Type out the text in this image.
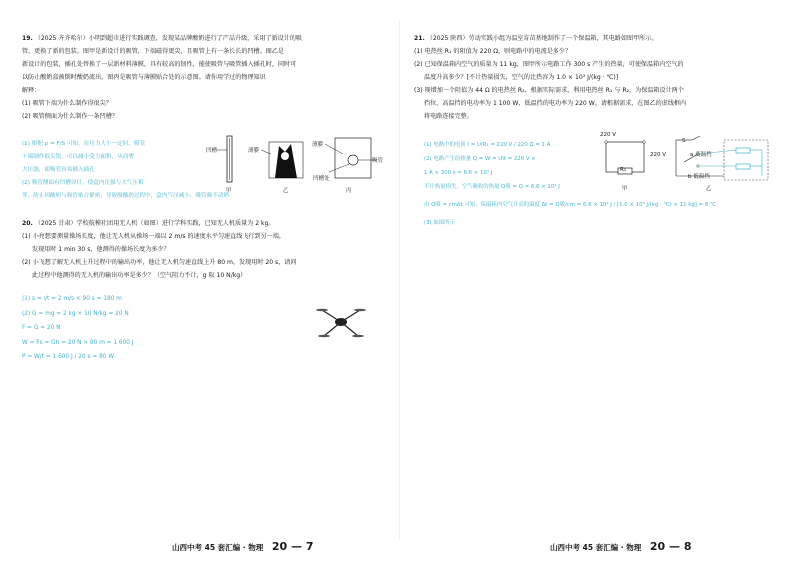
19. （2025 齐齐哈尔）小明到超市进行实践调查，发现某品牌酸奶进行了产品升级，采用了新设计的吸

管，更换了新的包装。图甲是新设计的吸管，下端磁得更尖，且吸管上有一条长长的凹槽。图乙是

新设计的包装，插孔处替换了一层新材料薄膜，具有较高的韧性，能使吸管与吸管插入插孔时，同时可

以防止酸奶盒被倒时酸奶流出。图丙是吸管与薄膜贴合处的示意图。请你用学过的物理知识

解释：

(1) 吸管下端为什么制作得很尖？

(2) 吸管侧面为什么制作一条凹槽？

(1) 根据 p = F/S 可知，在压力大小一定时，吸管

下端制作很尖锐，可以减小受力面积，从而增

大压强，使吸管容易插入插孔

(2) 吸管侧面有凹槽设计，使盒内压强与大气压相

等，防止因酸奶与吸管贴合紧密，导致吸酸奶过程中，盒内气压减小，吸管吸不动奶

凹槽
甲
薄膜
乙
薄膜
吸管
凹槽处
丙

20. （2025 甘肃）学校航模社团用无人机（如图）进行学科实践，已知无人机质量为 2 kg。

(1) 小亮想要测量操场长度，他让无人机从操场一端以 2 m/s 的速度水平匀速直线飞行到另一端，

发现用时 1 min 30 s，他测得的操场长度为多少？

(2) 小飞想了解无人机上升过程中的输出功率，他让无人机匀速直线上升 80 m，发现用时 20 s，请问

此过程中他测得的无人机的输出功率是多少？（空气阻力不计，g 取 10 N/kg）

(1) s = vt = 2 m/s × 90 s = 180 m

(2) G = mg = 2 kg × 10 N/kg = 20 N

F = G = 20 N

W = Fs = Gh = 20 N × 80 m = 1 600 J

P = W/t = 1 600 J / 20 s = 80 W

山西中考 45 套汇编 · 物理 20 — 7

21. （2025 陕西）劳动实践小组为温室育苗基地制作了一个保温箱，其电路如图甲所示。

(1) 电热丝 R₁ 的阻值为 220 Ω，则电路中的电流是多少？

(2) 已知保温箱内空气的质量为 11 kg，图甲所示电路工作 300 s 产生的热量，可使保温箱内空气的

温度升高多少？[不计热量损失，空气的比热容为 1.0 × 10³ J/(kg · ℃)]

(3) 现增加一个阻值为 44 Ω 的电热丝 R₂，根据实际需求，利用电热丝 R₁ 与 R₂，为保温箱设计两个

挡位，高温挡的电功率为 1 100 W，低温挡的电功率为 220 W。请根据需求，在图乙的虚线框内

将电路连接完整。

(1) 电路中的电流 I = U/R₁ = 220 V / 220 Ω = 1 A

(2) 电路产生的热量 Q = W = UIt = 220 V ×

1 A × 300 s = 6.6 × 10⁴ J

不计热量损失，空气吸收的热量 Q吸 = Q = 6.6 × 10⁴ J

由 Q吸 = cmΔt 可知，保温箱内空气升高的温度 Δt = Q吸/cm = 6.6 × 10⁴ J / [1.0 × 10³ J/(kg · ℃) × 11 kg] = 6 ℃

(3) 如图所示

220 V
R₁
甲
220 V
S
a 高温挡
b 低温挡
乙
山西中考 45 套汇编 · 物理 20 — 8
